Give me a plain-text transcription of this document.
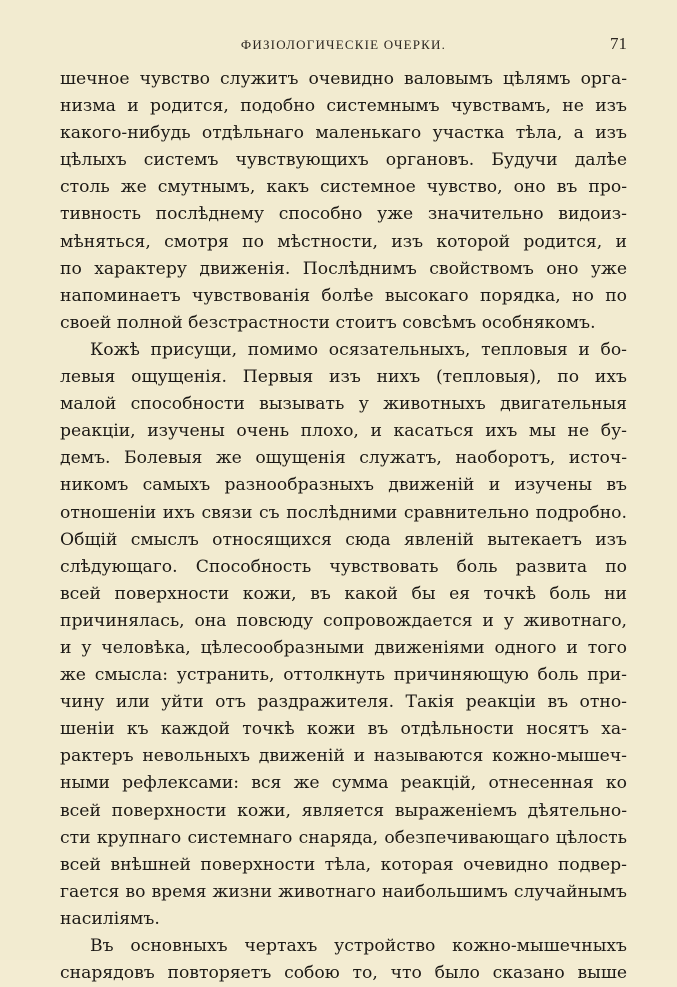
ФИЗІОЛОГИЧЕСКІЕ ОЧЕРКИ.	71
шечное чувство служитъ очевидно валовымъ цѣлямъ орга-
низма и родится, подобно системнымъ чувствамъ, не изъ
какого-нибудь отдѣльнаго маленькаго участка тѣла, а изъ
цѣлыхъ системъ чувствующихъ органовъ. Будучи далѣе
столь же смутнымъ, какъ системное чувство, оно въ про-
тивность послѣднему способно уже значительно видоиз-
мѣняться, смотря по мѣстности, изъ которой родится, и
по характеру движенія. Послѣднимъ свойствомъ оно уже
напоминаетъ чувствованія болѣе высокаго порядка, но по
своей полной безстрастности стоитъ совсѣмъ особнякомъ.
Кожѣ присущи, помимо осязательныхъ, тепловыя и бо-
левыя ощущенія. Первыя изъ нихъ (тепловыя), по ихъ
малой способности вызывать у животныхъ двигательныя
реакціи, изучены очень плохо, и касаться ихъ мы не бу-
демъ. Болевыя же ощущенія служатъ, наоборотъ, источ-
никомъ самыхъ разнообразныхъ движеній и изучены въ
отношеніи ихъ связи съ послѣдними сравнительно подробно.
Общій смыслъ относящихся сюда явленій вытекаетъ изъ
слѣдующаго. Способность чувствовать боль развита по
всей поверхности кожи, въ какой бы ея точкѣ боль ни
причинялась, она повсюду сопровождается и у животнаго,
и у человѣка, цѣлесообразными движеніями одного и того
же смысла: устранить, оттолкнуть причиняющую боль при-
чину или уйти отъ раздражителя. Такія реакціи въ отно-
шеніи къ каждой точкѣ кожи въ отдѣльности носятъ ха-
рактеръ невольныхъ движеній и называются кожно-мышеч-
ными рефлексами: вся же сумма реакцій, отнесенная ко
всей поверхности кожи, является выраженіемъ дѣятельно-
сти крупнаго системнаго снаряда, обезпечивающаго цѣлость
всей внѣшней поверхности тѣла, которая очевидно подвер-
гается во время жизни животнаго наибольшимъ случайнымъ
насиліямъ.
Въ основныхъ чертахъ устройство кожно-мышечныхъ
снарядовъ повторяетъ собою то, что было сказано выше
